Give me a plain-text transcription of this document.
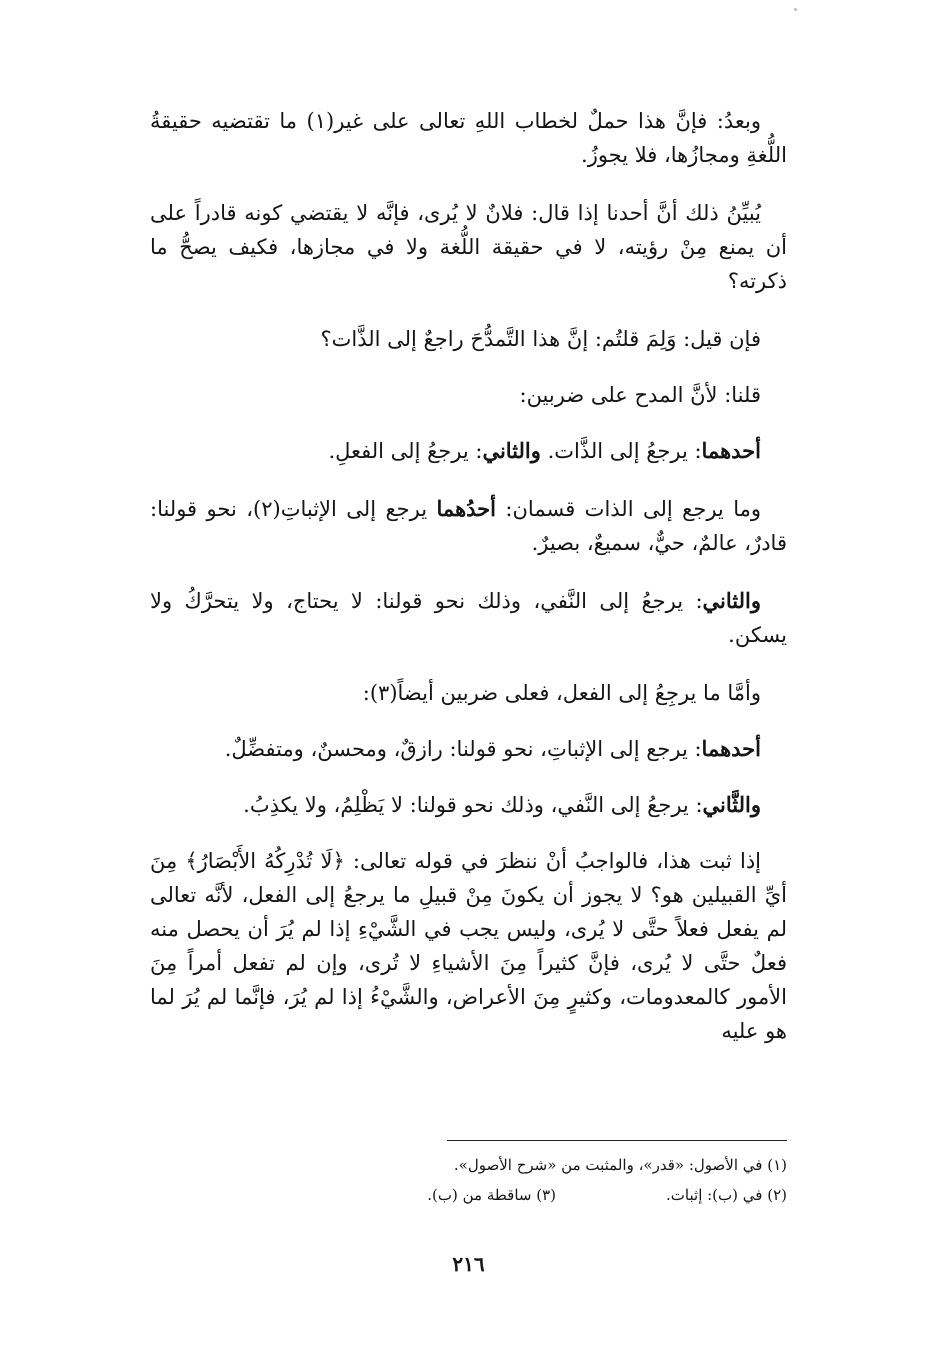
وبعدُ: فإنَّ هذا حملٌ لخطاب اللهِ تعالى على غير(١) ما تقتضيه حقيقةُ اللُّغةِ ومجازُها، فلا يجوزُ.

يُبيِّنُ ذلك أنَّ أحدنا إذا قال: فلانٌ لا يُرى، فإنَّه لا يقتضي كونه قادراً على أن يمنع مِنْ رؤيته، لا في حقيقة اللُّغة ولا في مجازها، فكيف يصحُّ ما ذكرته؟

فإن قيل: وَلِمَ قلتُم: إنَّ هذا التَّمدُّحَ راجعٌ إلى الذَّات؟

قلنا: لأنَّ المدح على ضربين:

أحدهما: يرجعُ إلى الذَّات. والثاني: يرجعُ إلى الفعلِ.

وما يرجع إلى الذات قسمان: أحدُهما يرجع إلى الإثباتِ(٢)، نحو قولنا: قادرٌ، عالمٌ، حيٌّ، سميعٌ، بصيرٌ.

والثاني: يرجعُ إلى النَّفي، وذلك نحو قولنا: لا يحتاج، ولا يتحرَّكُ ولا يسكن.

وأمَّا ما يرجِعُ إلى الفعل، فعلى ضربين أيضاً(٣):

أحدهما: يرجع إلى الإثباتِ، نحو قولنا: رازقٌ، ومحسنٌ، ومتفضِّلٌ.

والثَّاني: يرجعُ إلى النَّفي، وذلك نحو قولنا: لا يَظْلِمُ، ولا يكذِبُ.

إذا ثبت هذا، فالواجبُ أنْ ننظرَ في قوله تعالى: ﴿لَا تُدْرِكُهُ الأَبْصَارُ﴾ مِنَ أيِّ القبيلين هو؟ لا يجوز أن يكونَ مِنْ قبيلِ ما يرجعُ إلى الفعل، لأنَّه تعالى لم يفعل فعلاً حتَّى لا يُرى، وليس يجب في الشَّيْءِ إذا لم يُرَ أن يحصل منه فعلٌ حتَّى لا يُرى، فإنَّ كثيراً مِنَ الأشياءِ لا تُرى، وإن لم تفعل أمراً مِنَ الأمور كالمعدومات، وكثيرٍ مِنَ الأعراض، والشَّيْءُ إذا لم يُرَ، فإنَّما لم يُرَ لما هو عليه

(١) في الأصول: «قدر»، والمثبت من «شرح الأصول».
(٢) في (ب): إثبات.
(٣) ساقطة من (ب).
٢١٦
